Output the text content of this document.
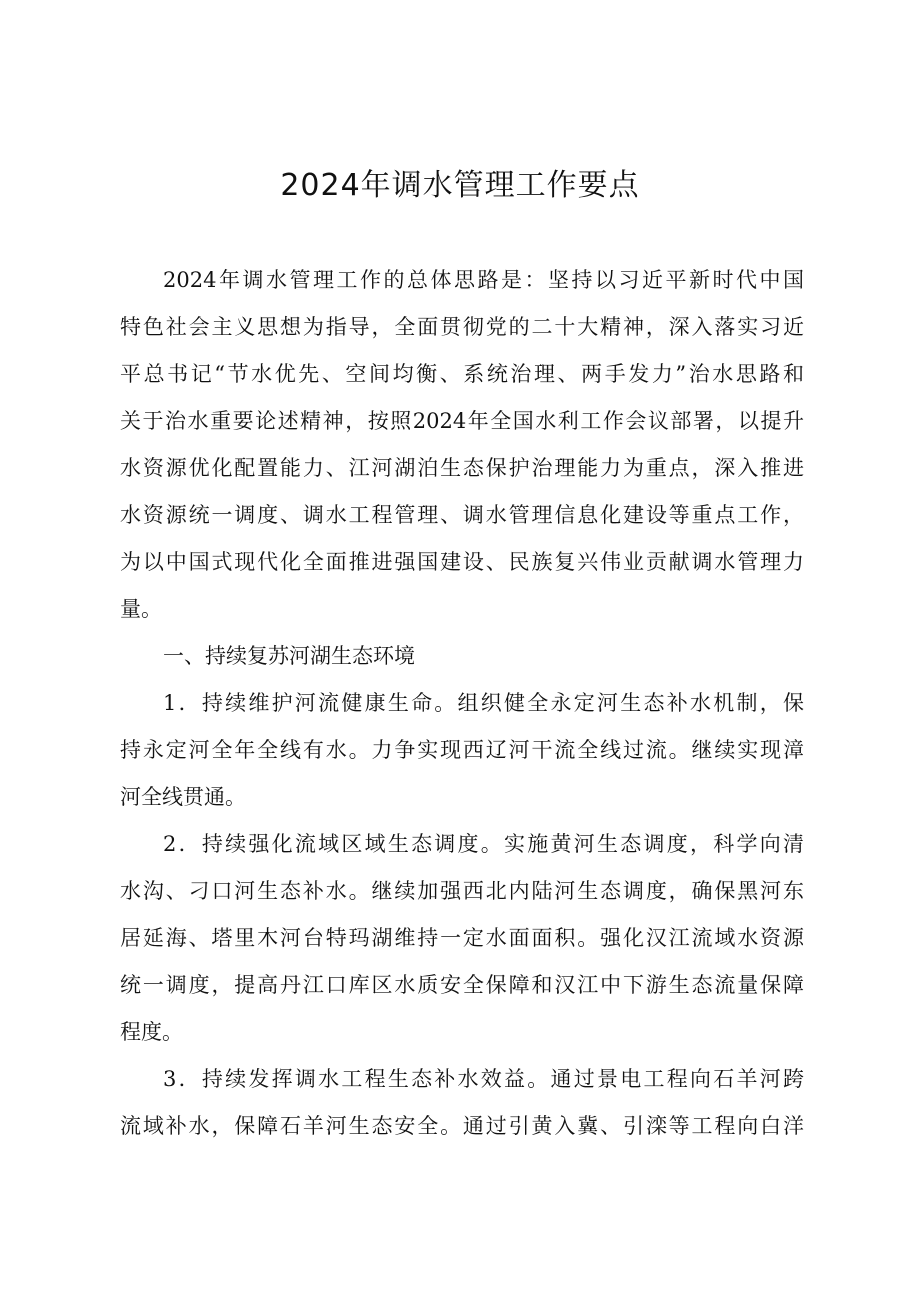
2024年调水管理工作要点
2024年调水管理工作的总体思路是：坚持以习近平新时代中国
特色社会主义思想为指导，全面贯彻党的二十大精神，深入落实习近
平总书记“节水优先、空间均衡、系统治理、两手发力”治水思路和
关于治水重要论述精神，按照2024年全国水利工作会议部署，以提升
水资源优化配置能力、江河湖泊生态保护治理能力为重点，深入推进
水资源统一调度、调水工程管理、调水管理信息化建设等重点工作，
为以中国式现代化全面推进强国建设、民族复兴伟业贡献调水管理力
量。
一、持续复苏河湖生态环境
1．持续维护河流健康生命。组织健全永定河生态补水机制，保
持永定河全年全线有水。力争实现西辽河干流全线过流。继续实现漳
河全线贯通。
2．持续强化流域区域生态调度。实施黄河生态调度，科学向清
水沟、刁口河生态补水。继续加强西北内陆河生态调度，确保黑河东
居延海、塔里木河台特玛湖维持一定水面面积。强化汉江流域水资源
统一调度，提高丹江口库区水质安全保障和汉江中下游生态流量保障
程度。
3．持续发挥调水工程生态补水效益。通过景电工程向石羊河跨
流域补水，保障石羊河生态安全。通过引黄入冀、引滦等工程向白洋
